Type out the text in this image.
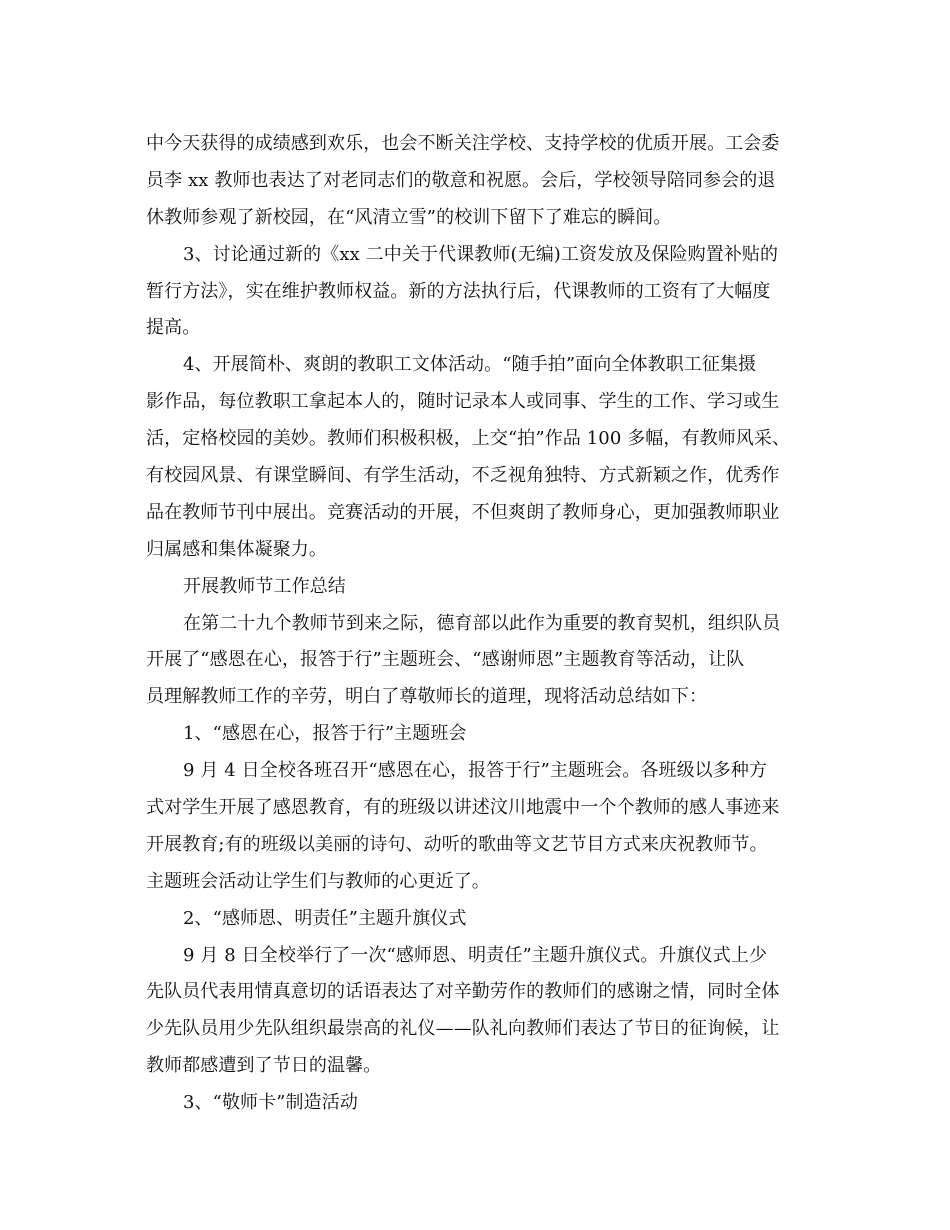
中今天获得的成绩感到欢乐，也会不断关注学校、支持学校的优质开展。工会委
员李 xx 教师也表达了对老同志们的敬意和祝愿。会后，学校领导陪同参会的退
休教师参观了新校园，在“风清立雪”的校训下留下了难忘的瞬间。
3、讨论通过新的《xx 二中关于代课教师(无编)工资发放及保险购置补贴的
暂行方法》，实在维护教师权益。新的方法执行后，代课教师的工资有了大幅度
提高。
4、开展简朴、爽朗的教职工文体活动。“随手拍”面向全体教职工征集摄
影作品，每位教职工拿起本人的，随时记录本人或同事、学生的工作、学习或生
活，定格校园的美妙。教师们积极积极，上交“拍”作品 100 多幅，有教师风采、
有校园风景、有课堂瞬间、有学生活动，不乏视角独特、方式新颖之作，优秀作
品在教师节刊中展出。竞赛活动的开展，不但爽朗了教师身心，更加强教师职业
归属感和集体凝聚力。
开展教师节工作总结
在第二十九个教师节到来之际，德育部以此作为重要的教育契机，组织队员
开展了“感恩在心，报答于行”主题班会、“感谢师恩”主题教育等活动，让队
员理解教师工作的辛劳，明白了尊敬师长的道理，现将活动总结如下：
1、“感恩在心，报答于行”主题班会
9 月 4 日全校各班召开“感恩在心，报答于行”主题班会。各班级以多种方
式对学生开展了感恩教育，有的班级以讲述汶川地震中一个个教师的感人事迹来
开展教育;有的班级以美丽的诗句、动听的歌曲等文艺节目方式来庆祝教师节。
主题班会活动让学生们与教师的心更近了。
2、“感师恩、明责任”主题升旗仪式
9 月 8 日全校举行了一次“感师恩、明责任”主题升旗仪式。升旗仪式上少
先队员代表用情真意切的话语表达了对辛勤劳作的教师们的感谢之情，同时全体
少先队员用少先队组织最崇高的礼仪——队礼向教师们表达了节日的征询候，让
教师都感遭到了节日的温馨。
3、“敬师卡”制造活动
